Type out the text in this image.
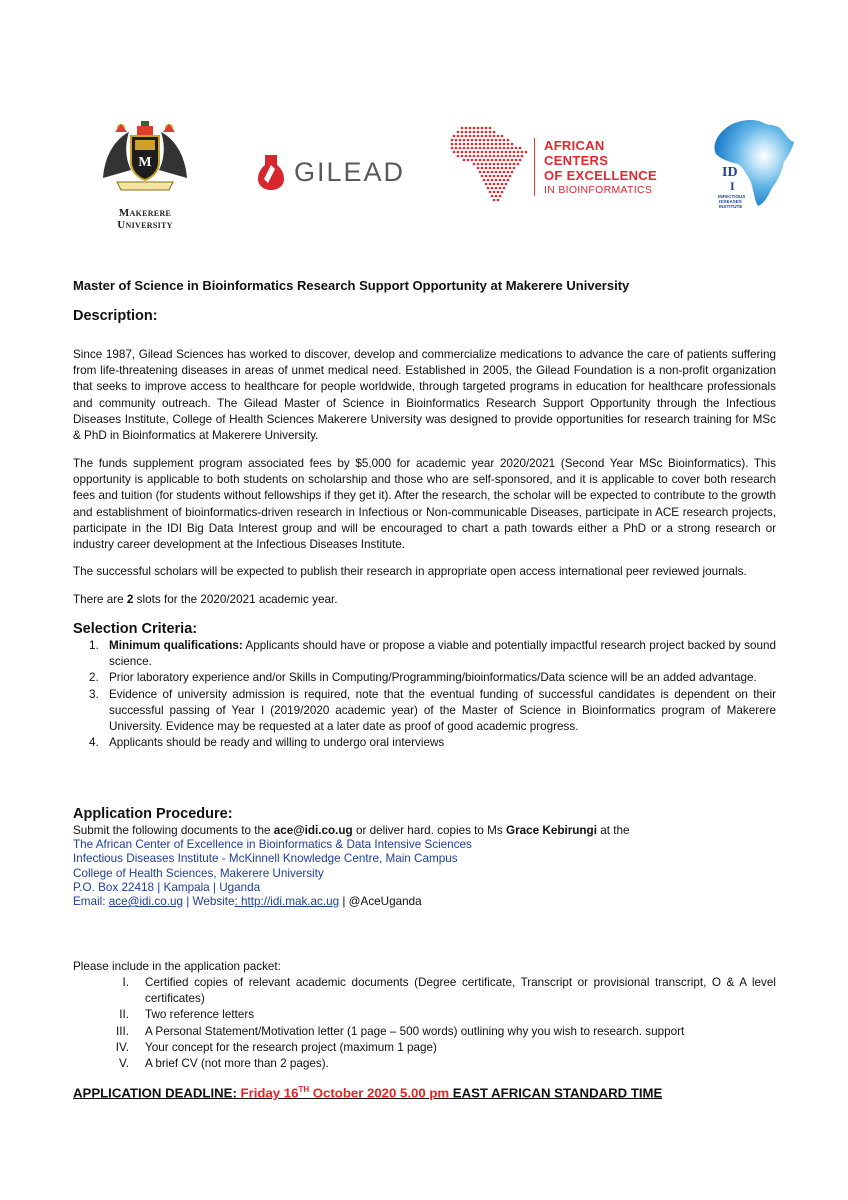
M
Makerere University
GILEAD
AFRICAN
CENTERS
OF EXCELLENCE
IN BIOINFORMATICS
ID
I
INFECTIOUS
DISEASES
INSTITUTE
Master of Science in Bioinformatics Research Support Opportunity at Makerere University
Description:

Since 1987, Gilead Sciences has worked to discover, develop and commercialize medications to advance the care of patients suffering from life-threatening diseases in areas of unmet medical need. Established in 2005, the Gilead Foundation is a non-profit organization that seeks to improve access to healthcare for people worldwide, through targeted programs in education for healthcare professionals and community outreach. The Gilead Master of Science in Bioinformatics Research Support Opportunity through the Infectious Diseases Institute, College of Health Sciences Makerere University was designed to provide opportunities for research training for MSc & PhD in Bioinformatics at Makerere University.

The funds supplement program associated fees by $5,000 for academic year 2020/2021 (Second Year MSc Bioinformatics). This opportunity is applicable to both students on scholarship and those who are self-sponsored, and it is applicable to cover both research fees and tuition (for students without fellowships if they get it). After the research, the scholar will be expected to contribute to the growth and establishment of bioinformatics-driven research in Infectious or Non-communicable Diseases, participate in ACE research projects, participate in the IDI Big Data Interest group and will be encouraged to chart a path towards either a PhD or a strong research or industry career development at the Infectious Diseases Institute.

The successful scholars will be expected to publish their research in appropriate open access international peer reviewed journals.

There are 2 slots for the 2020/2021 academic year.

Selection Criteria:
1. Minimum qualifications: Applicants should have or propose a viable and potentially impactful research project backed by sound science.
2. Prior laboratory experience and/or Skills in Computing/Programming/bioinformatics/Data science will be an added advantage.
3. Evidence of university admission is required, note that the eventual funding of successful candidates is dependent on their successful passing of Year I (2019/2020 academic year) of the Master of Science in Bioinformatics program of Makerere University. Evidence may be requested at a later date as proof of good academic progress.
4. Applicants should be ready and willing to undergo oral interviews
Application Procedure:
Submit the following documents to the ace@idi.co.ug or deliver hard. copies to Ms Grace Kebirungi at the
The African Center of Excellence in Bioinformatics & Data Intensive Sciences
Infectious Diseases Institute - McKinnell Knowledge Centre, Main Campus
College of Health Sciences, Makerere University
P.O. Box 22418 | Kampala | Uganda
Email: ace@idi.co.ug | Website: http://idi.mak.ac.ug | @AceUganda
Please include in the application packet:
I. Certified copies of relevant academic documents (Degree certificate, Transcript or provisional transcript, O & A level certificates)
II. Two reference letters
III. A Personal Statement/Motivation letter (1 page – 500 words) outlining why you wish to research. support
IV. Your concept for the research project (maximum 1 page)
V. A brief CV (not more than 2 pages).
APPLICATION DEADLINE: Friday 16TH October 2020 5.00 pm EAST AFRICAN STANDARD TIME
